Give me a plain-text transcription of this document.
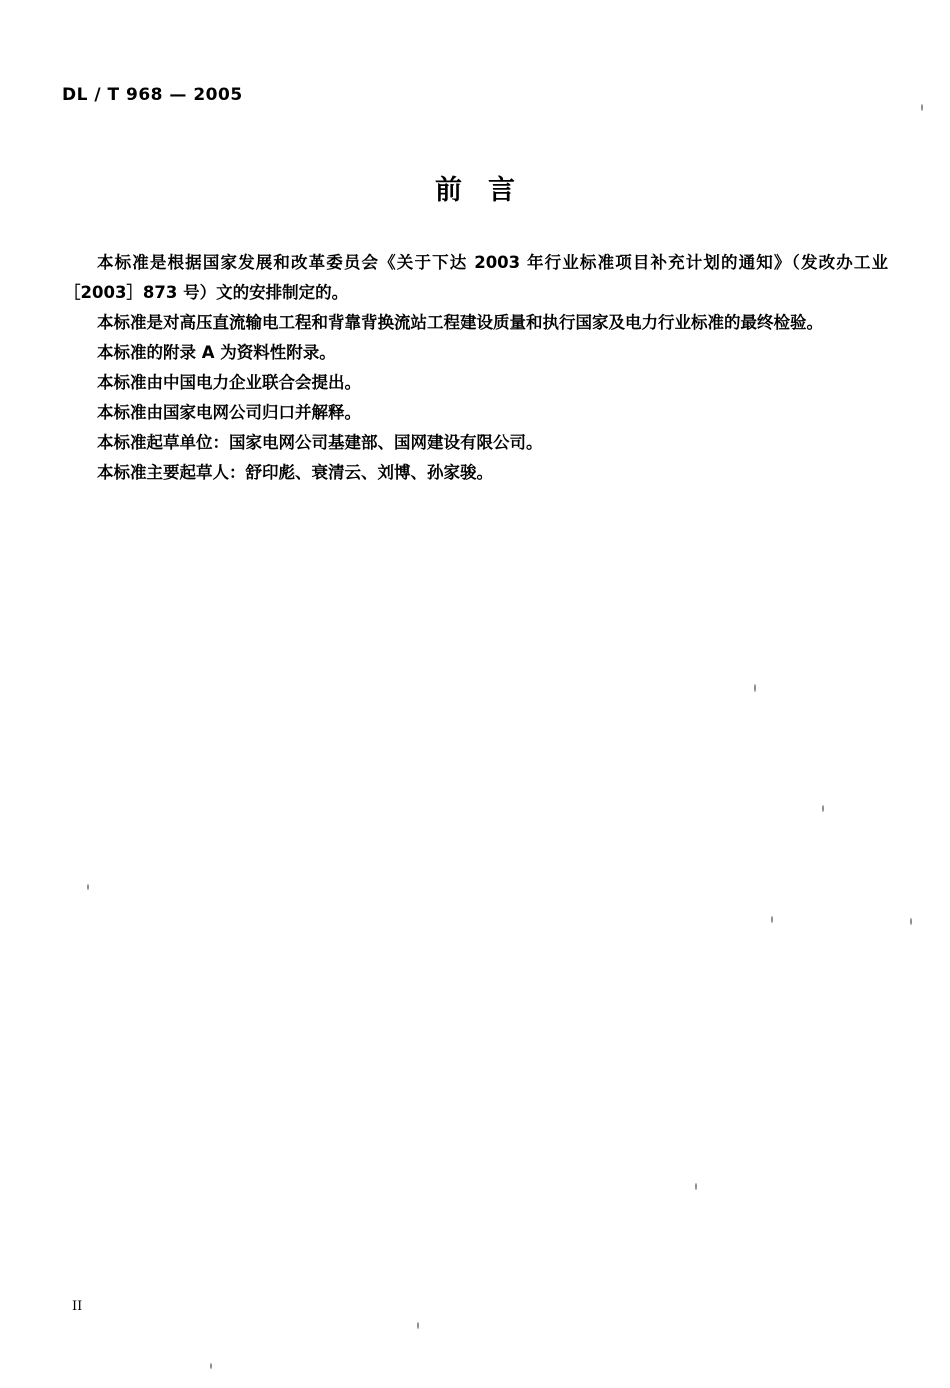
DL / T 968 — 2005
前言

本标准是根据国家发展和改革委员会《关于下达 2003 年行业标准项目补充计划的通知》（发改办工业［2003］873 号）文的安排制定的。

本标准是对高压直流输电工程和背靠背换流站工程建设质量和执行国家及电力行业标准的最终检验。

本标准的附录 A 为资料性附录。

本标准由中国电力企业联合会提出。

本标准由国家电网公司归口并解释。

本标准起草单位：国家电网公司基建部、国网建设有限公司。

本标准主要起草人：舒印彪、衰清云、刘博、孙家骏。

II
